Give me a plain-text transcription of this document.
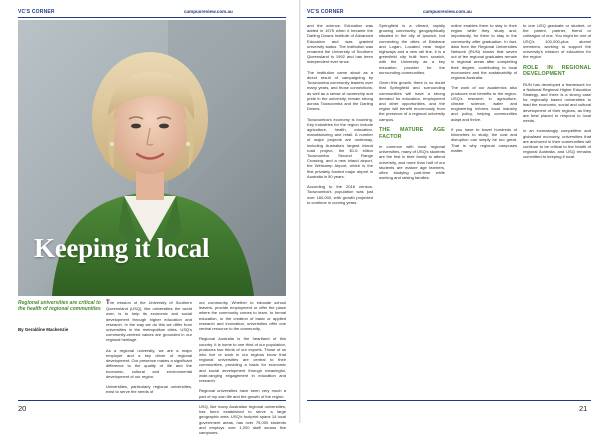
VC'S CORNER	campusreview.com.au
Keeping it local
Regional universities are critical to the health of regional communities
By Geraldine Mackenzie

The mission of the University of Southern Queensland (USQ), like universities the world over, is to help its economic and social development through higher education and research. In the way we do this we differ from universities in the metropolitan cities. USQ's community-centred values are grounded in our regional heritage.

As a regional university, we are a major employer and a key driver of regional development. Our presence makes a significant difference to the quality of life and the economic, cultural and environmental development of our region.

Universities, particularly regional universities, exist to serve the needs of

our community. Whether to educate school leavers, provide employment or offer the place where the community comes to learn, to formal education, or the creation of basic or applied research and innovation, universities offer one central resource to the community.

Regional Australia is the heartland of this country. It is home to one third of our population, produces two thirds of our exports. Those of us who live or work in our regions know that regional universities are central to their communities, providing a basis for economic and social development through meaningful, wide-ranging engagement in education and research.

Regional universities have been very much a part of my own life and the growth of the region.

USQ, like many Australian regional universities, has been established to serve a large geographic area. USQ's footprint spans 14 local government areas, has over 75,000 students and employs over 1,200 staff across five campuses.

20
VC'S CORNER	campusreview.com.au

and the science. Education was added in 1975 when it became the Darling Downs Institute of Advanced Education and was granted university status. The institution was renamed the University of Southern Queensland in 1992 and has been independent ever since.

The institution came about as a direct result of campaigning by Toowoomba community leaders over many years, and those connections, as well as a sense of ownership and pride in the university, remain strong across Toowoomba and the Darling Downs.

Toowoomba's economy is booming. Key industries for the region include agriculture, health, education, manufacturing and retail. A number of major projects are underway, including Australia's largest inland road project, the $1.6 billion Toowoomba Second Range Crossing, and a new inland airport, the Wellcamp Airport, which is the first privately funded major airport in Australia in 50 years.

According to the 2016 census, Toowoomba's population was just over 160,000, with growth projected to continue in coming years.

Springfield is a vibrant, rapidly growing community, geographically situated in the city of Ipswich, but connecting the cities of Brisbane and Logan. Located near major highways and a new rail line, it is a greenfield city built from scratch, with the University as a key education provider for the surrounding communities.

Given this growth, there is no doubt that Springfield and surrounding communities will have a strong demand for education, employment and other opportunities, and the region will benefit enormously from the presence of a regional university campus.

THE MATURE AGE FACTOR

In common with most regional universities, many of USQ's students are the first in their family to attend university, and more than half of our students are mature age learners, often studying part-time while working and raising families.

online enables them to stay in their region while they study and, importantly, for them to stay in the community after graduation. In fact, data from the Regional Universities Network (RUN) shows that seven out of ten regional graduates remain in regional areas after completing their degree, contributing to local economies and the sustainability of regional Australia.

The work of our academics also produces real benefits to the region. USQ's research in agriculture, climate science, water and engineering informs local industry and policy, helping communities adapt and thrive.

If you have to travel hundreds of kilometres to study, the cost and disruption can simply be too great. That is why regional campuses matter.

to one USQ graduate or student, or the parent, partner, friend or colleague of one. You might be one of USQ's 100,000-plus alumni members, working to support the university's mission of education for the region.

ROLE IN REGIONAL DEVELOPMENT

RUN has developed a framework for a National Regional Higher Education Strategy, and there is a strong case for regionally based universities to lead the economic, social and cultural development of their regions, as they are best placed to respond to local needs.

In an increasingly competitive and globalised economy, universities that are anchored in their communities will continue to be critical to the health of regional Australia, and USQ remains committed to keeping it local.

21
